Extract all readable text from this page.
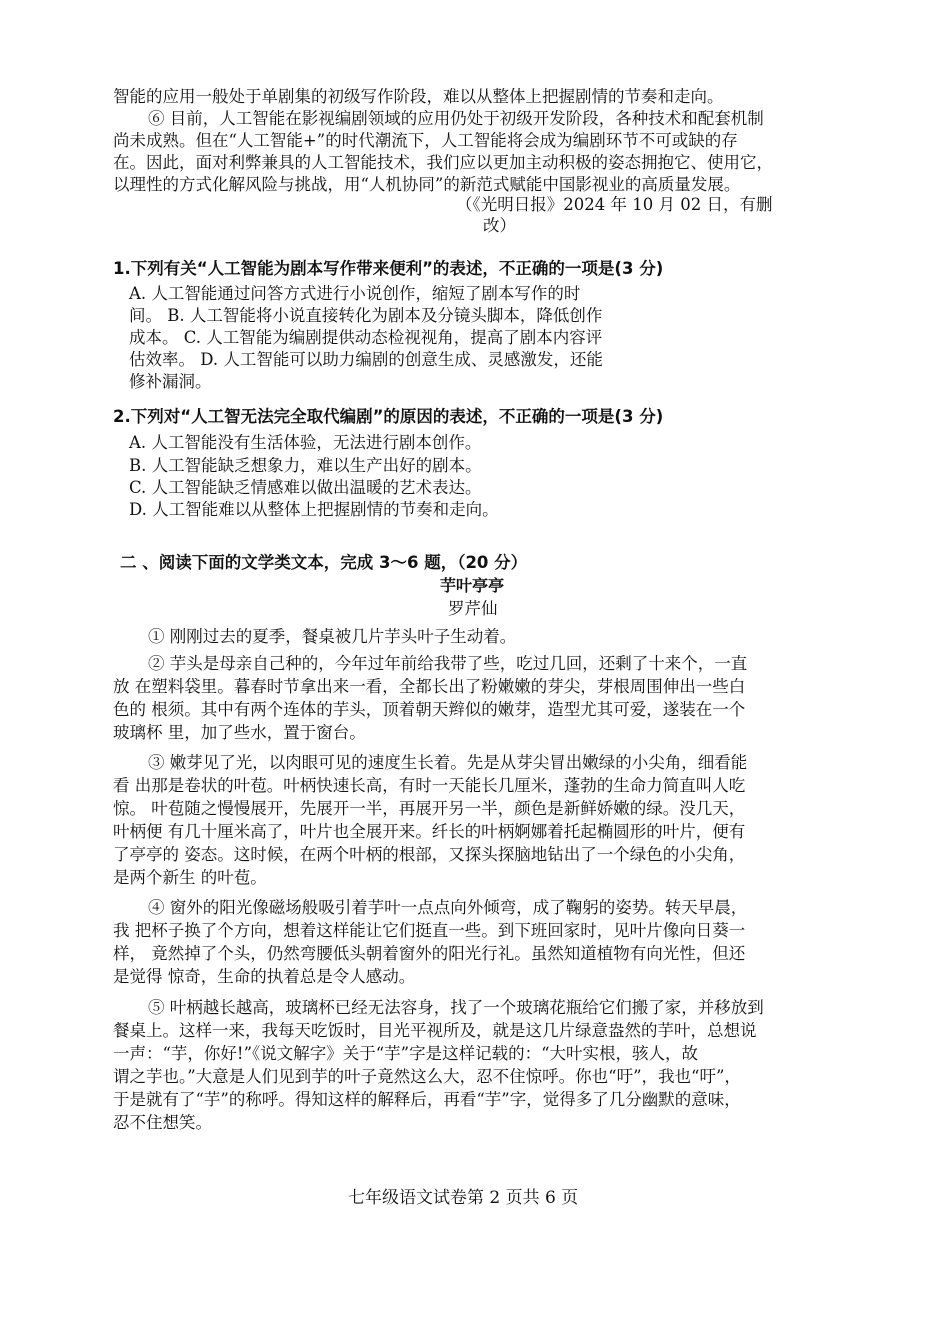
智能的应用一般处于单剧集的初级写作阶段，难以从整体上把握剧情的节奏和走向。
⑥ 目前，人工智能在影视编剧领域的应用仍处于初级开发阶段，各种技术和配套机制
尚未成熟。但在“人工智能+”的时代潮流下，人工智能将会成为编剧环节不可或缺的存
在。因此，面对利弊兼具的人工智能技术，我们应以更加主动积极的姿态拥抱它、使用它，
以理性的方式化解风险与挑战，用“人机协同”的新范式赋能中国影视业的高质量发展。
（《光明日报》2024 年 10 月 02 日，有删
改）
1.下列有关“人工智能为剧本写作带来便利”的表述，不正确的一项是(3 分)
A. 人工智能通过问答方式进行小说创作，缩短了剧本写作的时
间。 B. 人工智能将小说直接转化为剧本及分镜头脚本，降低创作
成本。 C. 人工智能为编剧提供动态检视视角，提高了剧本内容评
估效率。 D. 人工智能可以助力编剧的创意生成、灵感激发，还能
修补漏洞。
2.下列对“人工智无法完全取代编剧”的原因的表述，不正确的一项是(3 分)
A. 人工智能没有生活体验，无法进行剧本创作。
B. 人工智能缺乏想象力，难以生产出好的剧本。
C. 人工智能缺乏情感难以做出温暖的艺术表达。
D. 人工智能难以从整体上把握剧情的节奏和走向。
二 、阅读下面的文学类文本，完成 3～6 题，（20 分）
芋叶亭亭
罗芹仙
① 刚刚过去的夏季，餐桌被几片芋头叶子生动着。
② 芋头是母亲自己种的，今年过年前给我带了些，吃过几回，还剩了十来个，一直
放 在塑料袋里。暮春时节拿出来一看，全都长出了粉嫩嫩的芽尖，芽根周围伸出一些白
色的 根须。其中有两个连体的芋头，顶着朝天辫似的嫩芽，造型尤其可爱，遂装在一个
玻璃杯 里，加了些水，置于窗台。
③ 嫩芽见了光，以肉眼可见的速度生长着。先是从芽尖冒出嫩绿的小尖角，细看能
看 出那是卷状的叶苞。叶柄快速长高，有时一天能长几厘米，蓬勃的生命力简直叫人吃
惊。 叶苞随之慢慢展开，先展开一半，再展开另一半，颜色是新鲜娇嫩的绿。没几天，
叶柄便 有几十厘米高了，叶片也全展开来。纤长的叶柄婀娜着托起椭圆形的叶片，便有
了亭亭的 姿态。这时候，在两个叶柄的根部，又探头探脑地钻出了一个绿色的小尖角，
是两个新生 的叶苞。
④ 窗外的阳光像磁场般吸引着芋叶一点点向外倾弯，成了鞠躬的姿势。转天早晨，
我 把杯子换了个方向，想着这样能让它们挺直一些。到下班回家时，见叶片像向日葵一
样， 竟然掉了个头，仍然弯腰低头朝着窗外的阳光行礼。虽然知道植物有向光性，但还
是觉得 惊奇，生命的执着总是令人感动。
⑤ 叶柄越长越高，玻璃杯已经无法容身，找了一个玻璃花瓶给它们搬了家，并移放到
餐桌上。这样一来，我每天吃饭时，目光平视所及，就是这几片绿意盎然的芋叶，总想说
一声：“芋，你好!”《说文解字》关于“芋”字是这样记载的：“大叶实根，骇人，故
谓之芋也。”大意是人们见到芋的叶子竟然这么大，忍不住惊呼。你也“吁”，我也“吁”，
于是就有了“芋”的称呼。得知这样的解释后，再看“芋”字，觉得多了几分幽默的意味，
忍不住想笑。
七年级语文试卷第 2 页共 6 页
